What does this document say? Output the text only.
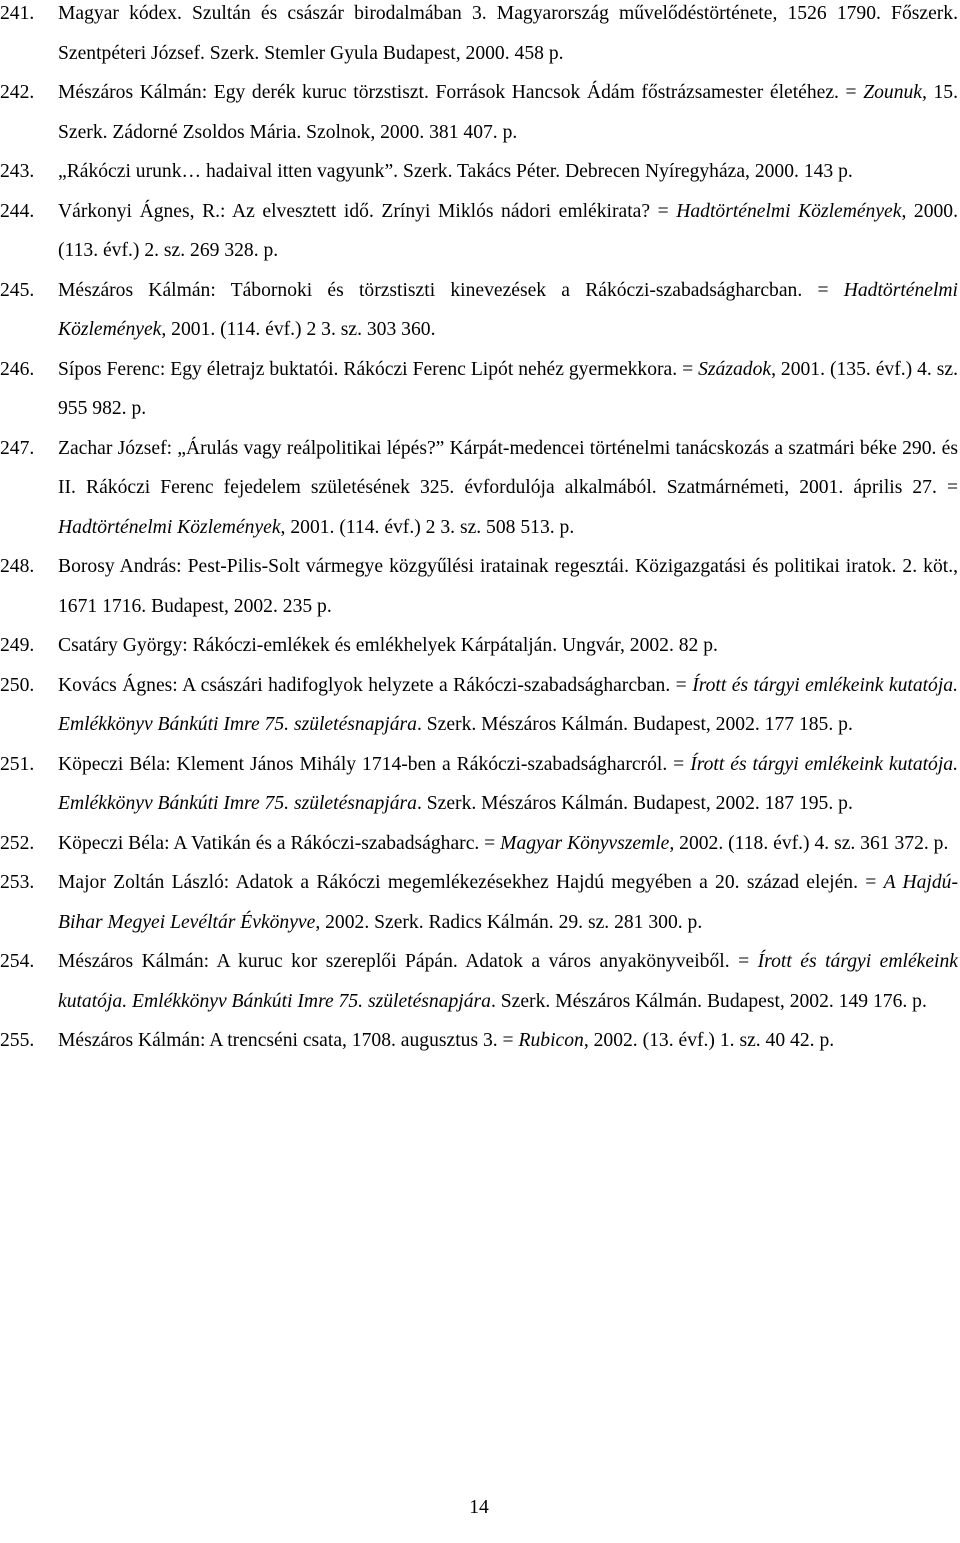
241. Magyar kódex. Szultán és császár birodalmában 3. Magyarország művelődéstörténete, 1526 1790. Főszerk. Szentpéteri József. Szerk. Stemler Gyula Budapest, 2000. 458 p.

242. Mészáros Kálmán: Egy derék kuruc törzstiszt. Források Hancsok Ádám főstrázsamester életéhez. = Zounuk, 15. Szerk. Zádorné Zsoldos Mária. Szolnok, 2000. 381 407. p.

243. „Rákóczi urunk… hadaival itten vagyunk”. Szerk. Takács Péter. Debrecen Nyíregyháza, 2000. 143 p.

244. Várkonyi Ágnes, R.: Az elvesztett idő. Zrínyi Miklós nádori emlékirata? = Hadtörténelmi Közlemények, 2000. (113. évf.) 2. sz. 269 328. p.

245. Mészáros Kálmán: Tábornoki és törzstiszti kinevezések a Rákóczi-szabadságharcban. = Hadtörténelmi Közlemények, 2001. (114. évf.) 2 3. sz. 303 360.

246. Sípos Ferenc: Egy életrajz buktatói. Rákóczi Ferenc Lipót nehéz gyermekkora. = Századok, 2001. (135. évf.) 4. sz. 955 982. p.

247. Zachar József: „Árulás vagy reálpolitikai lépés?” Kárpát-medencei történelmi tanácskozás a szatmári béke 290. és II. Rákóczi Ferenc fejedelem születésének 325. évfordulója alkalmából. Szatmárnémeti, 2001. április 27. = Hadtörténelmi Közlemények, 2001. (114. évf.) 2 3. sz. 508 513. p.

248. Borosy András: Pest-Pilis-Solt vármegye közgyűlési iratainak regesztái. Közigazgatási és politikai iratok. 2. köt., 1671 1716. Budapest, 2002. 235 p.

249. Csatáry György: Rákóczi-emlékek és emlékhelyek Kárpátalján. Ungvár, 2002. 82 p.

250. Kovács Ágnes: A császári hadifoglyok helyzete a Rákóczi-szabadságharcban. = Írott és tárgyi emlékeink kutatója. Emlékkönyv Bánkúti Imre 75. születésnapjára. Szerk. Mészáros Kálmán. Budapest, 2002. 177 185. p.

251. Köpeczi Béla: Klement János Mihály 1714-ben a Rákóczi-szabadságharcról. = Írott és tárgyi emlékeink kutatója. Emlékkönyv Bánkúti Imre 75. születésnapjára. Szerk. Mészáros Kálmán. Budapest, 2002. 187 195. p.

252. Köpeczi Béla: A Vatikán és a Rákóczi-szabadságharc. = Magyar Könyvszemle, 2002. (118. évf.) 4. sz. 361 372. p.

253. Major Zoltán László: Adatok a Rákóczi megemlékezésekhez Hajdú megyében a 20. század elején. = A Hajdú-Bihar Megyei Levéltár Évkönyve, 2002. Szerk. Radics Kálmán. 29. sz. 281 300. p.

254. Mészáros Kálmán: A kuruc kor szereplői Pápán. Adatok a város anyakönyveiből. = Írott és tárgyi emlékeink kutatója. Emlékkönyv Bánkúti Imre 75. születésnapjára. Szerk. Mészáros Kálmán. Budapest, 2002. 149 176. p.

255. Mészáros Kálmán: A trencséni csata, 1708. augusztus 3. = Rubicon, 2002. (13. évf.) 1. sz. 40 42. p.

14
